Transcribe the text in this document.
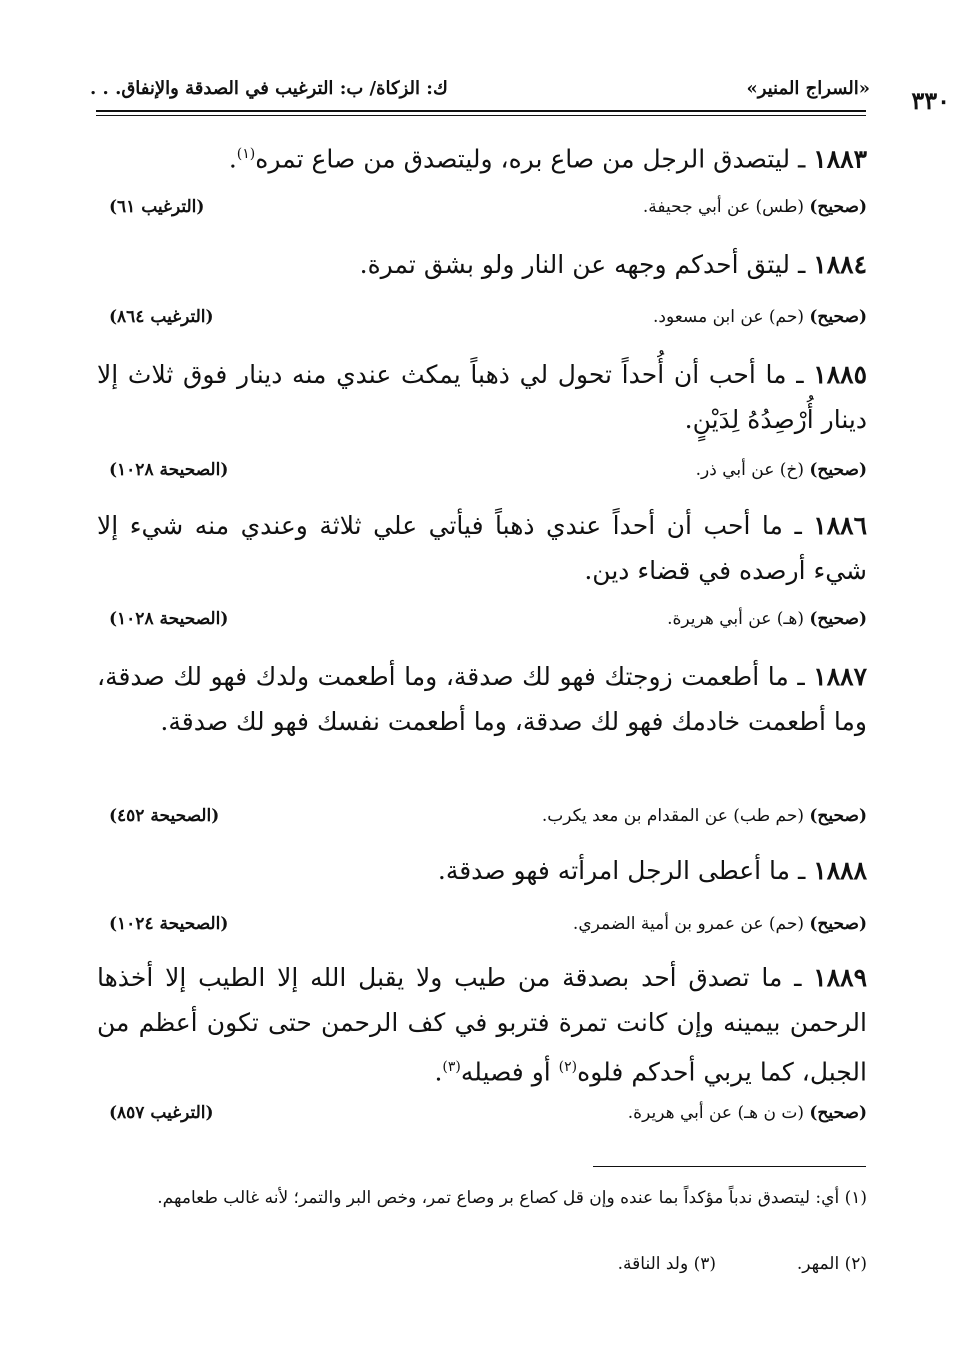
٣٣٠
«السراج المنير»
ك: الزكاة/ ب: الترغيب في الصدقة والإنفاق. . .
١٨٨٣ ـ ليتصدق الرجل من صاع بره، وليتصدق من صاع تمره$^{(١)}$.
(صحيح) (طس) عن أبي جحيفة.
(الترغيب ٦١)
١٨٨٤ ـ ليتق أحدكم وجهه عن النار ولو بشق تمرة.
(صحيح) (حم) عن ابن مسعود.
(الترغيب ٨٦٤)
١٨٨٥ ـ ما أحب أن أُحداً تحول لي ذهباً يمكث عندي منه دينار فوق ثلاث إلا دينار أُرْصِدُهُ لِدَيْنٍ.
(صحيح) (خ) عن أبي ذر.
(الصحيحة ١٠٢٨)
١٨٨٦ ـ ما أحب أن أحداً عندي ذهباً فيأتي علي ثلاثة وعندي منه شيء إلا شيء أرصده في قضاء دين.
(صحيح) (هـ) عن أبي هريرة.
(الصحيحة ١٠٢٨)
١٨٨٧ ـ ما أطعمت زوجتك فهو لك صدقة، وما أطعمت ولدك فهو لك صدقة، وما أطعمت خادمك فهو لك صدقة، وما أطعمت نفسك فهو لك صدقة.
(صحيح) (حم طب) عن المقدام بن معد يكرب.
(الصحيحة ٤٥٢)
١٨٨٨ ـ ما أعطى الرجل امرأته فهو صدقة.
(صحيح) (حم) عن عمرو بن أمية الضمري.
(الصحيحة ١٠٢٤)
١٨٨٩ ـ ما تصدق أحد بصدقة من طيب ولا يقبل الله إلا الطيب إلا أخذها الرحمن بيمينه وإن كانت تمرة فتربو في كف الرحمن حتى تكون أعظم من الجبل، كما يربي أحدكم فلوه$^{(٢)}$ أو فصيله$^{(٣)}$.
(صحيح) (ت ن هـ) عن أبي هريرة.
(الترغيب ٨٥٧)
(١) أي: ليتصدق ندباً مؤكداً بما عنده وإن قل كصاع بر وصاع تمر، وخص البر والتمر؛ لأنه غالب طعامهم.
(٢) المهر.  (٣) ولد الناقة.
